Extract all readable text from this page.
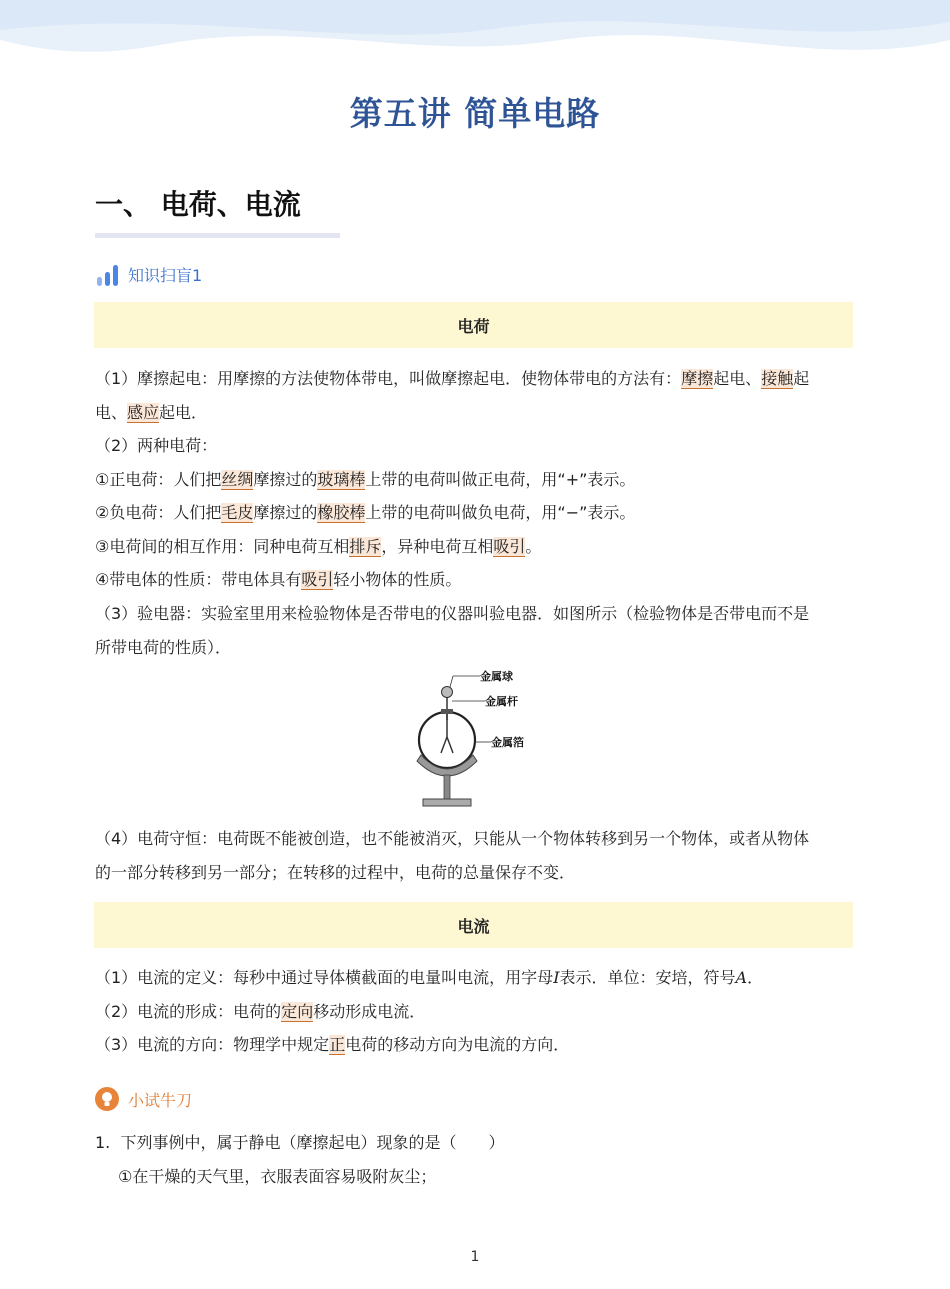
第五讲 简单电路
一、 电荷、电流
知识扫盲1
电荷
（1）摩擦起电：用摩擦的方法使物体带电，叫做摩擦起电．使物体带电的方法有：摩擦起电、接触起
电、感应起电．
（2）两种电荷：
①正电荷：人们把丝绸摩擦过的玻璃棒上带的电荷叫做正电荷，用“+”表示。
②负电荷：人们把毛皮摩擦过的橡胶棒上带的电荷叫做负电荷，用“−”表示。
③电荷间的相互作用：同种电荷互相排斥，异种电荷互相吸引。
④带电体的性质：带电体具有吸引轻小物体的性质。
（3）验电器：实验室里用来检验物体是否带电的仪器叫验电器．如图所示（检验物体是否带电而不是
所带电荷的性质）．
金属球
金属杆
金属箔
（4）电荷守恒：电荷既不能被创造，也不能被消灭，只能从一个物体转移到另一个物体，或者从物体
的一部分转移到另一部分；在转移的过程中，电荷的总量保存不变．
电流
（1）电流的定义：每秒中通过导体横截面的电量叫电流，用字母I表示．单位：安培，符号A．
（2）电流的形成：电荷的定向移动形成电流．
（3）电流的方向：物理学中规定正电荷的移动方向为电流的方向．
小试牛刀
1. 下列事例中，属于静电（摩擦起电）现象的是（　　）
①在干燥的天气里，衣服表面容易吸附灰尘；
1
